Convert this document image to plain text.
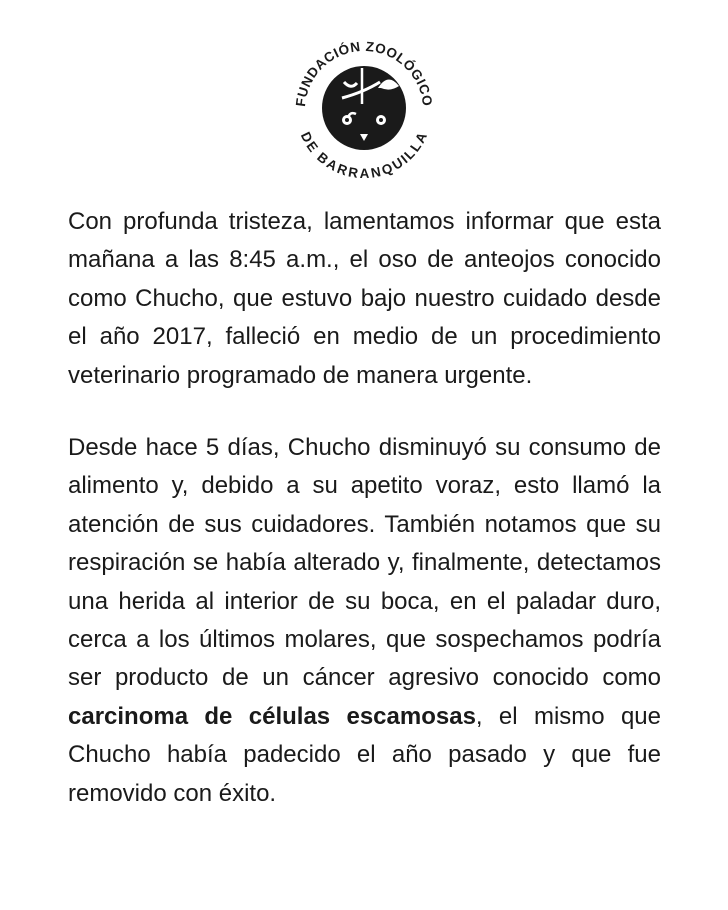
FUNDACIÓN ZOOLÓGICO
DE BARRANQUILLA

Con profunda tristeza, lamentamos informar que esta mañana a las 8:45 a.m., el oso de anteojos conocido como Chucho, que estuvo bajo nuestro cuidado desde el año 2017, falleció en medio de un procedimiento veterinario programado de manera urgente.

Desde hace 5 días, Chucho disminuyó su consumo de alimento y, debido a su apetito voraz, esto llamó la atención de sus cuidadores. También notamos que su respiración se había alterado y, finalmente, detectamos una herida al interior de su boca, en el paladar duro, cerca a los últimos molares, que sospechamos podría ser producto de un cáncer agresivo conocido como carcinoma de células escamosas, el mismo que Chucho había padecido el año pasado y que fue removido con éxito.
